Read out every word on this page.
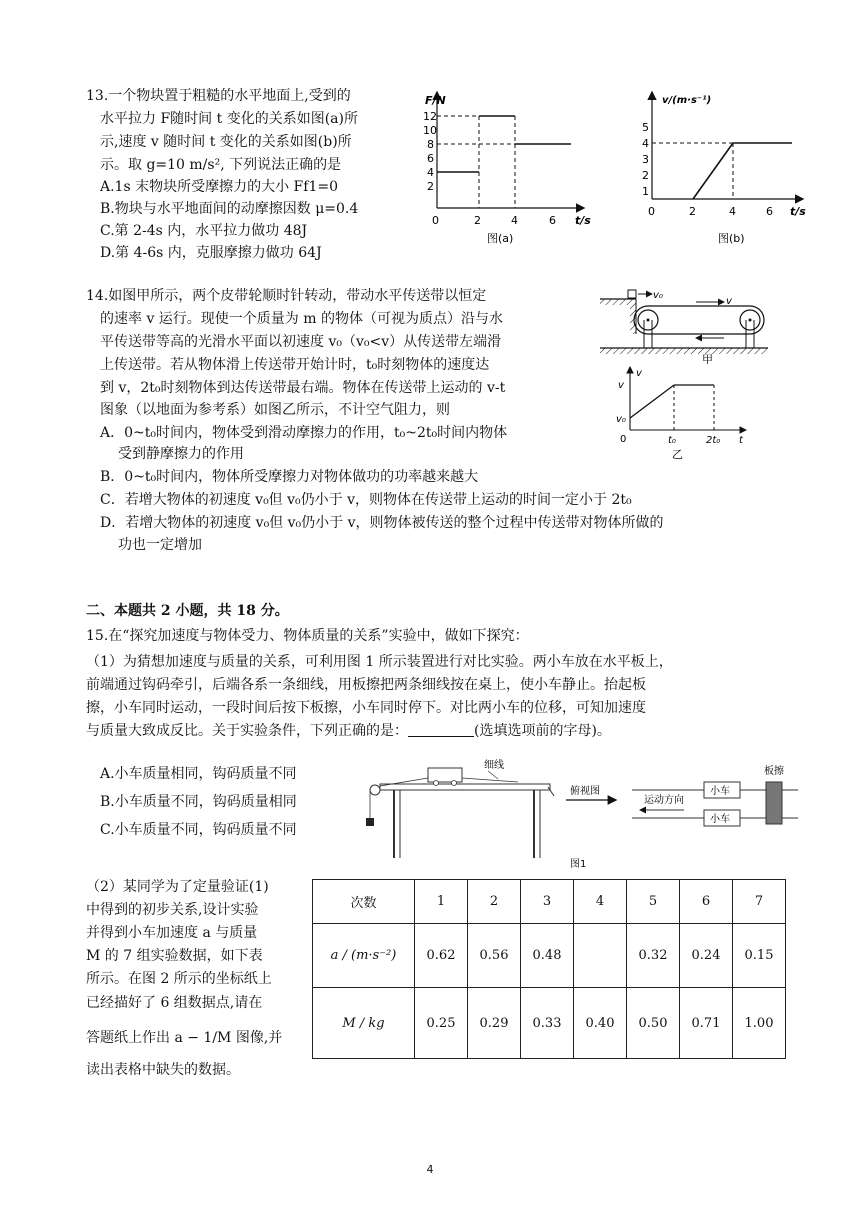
13.一个物块置于粗糙的水平地面上,受到的
水平拉力 F随时间 t 变化的关系如图(a)所
示,速度 v 随时间 t 变化的关系如图(b)所
示。取 g=10 m/s², 下列说法正确的是
A.1s 末物块所受摩擦力的大小 Ff1=0
B.物块与水平地面间的动摩擦因数 μ=0.4
C.第 2-4s 内，水平拉力做功 48J
D.第 4-6s 内，克服摩擦力做功 64J
F/N
t/s
12
10
8
6
4
2
0	2	4	6
图(a)
v/(m·s⁻¹)
t/s
5
4
3
2
1
0	2	4	6
图(b)
14.如图甲所示，两个皮带轮顺时针转动，带动水平传送带以恒定
的速率 v 运行。现使一个质量为 m 的物体（可视为质点）沿与水
平传送带等高的光滑水平面以初速度 v₀（v₀<v）从传送带左端滑
上传送带。若从物体滑上传送带开始计时，t₀时刻物体的速度达
到 v，2t₀时刻物体到达传送带最右端。物体在传送带上运动的 v-t
图象（以地面为参考系）如图乙所示，不计空气阻力，则
A．0~t₀时间内，物体受到滑动摩擦力的作用，t₀~2t₀时间内物体
受到静摩擦力的作用
B．0~t₀时间内，物体所受摩擦力对物体做功的功率越来越大
C．若增大物体的初速度 v₀但 v₀仍小于 v，则物体在传送带上运动的时间一定小于 2t₀
D．若增大物体的初速度 v₀但 v₀仍小于 v，则物体被传送的整个过程中传送带对物体所做的
功也一定增加
v₀
v
甲
v
v
v₀
0	t₀	2t₀ t
乙
二、本题共 2 小题，共 18 分。
15.在“探究加速度与物体受力、物体质量的关系”实验中，做如下探究：
（1）为猜想加速度与质量的关系，可利用图 1 所示装置进行对比实验。两小车放在水平板上，
前端通过钩码牵引，后端各系一条细线，用板擦把两条细线按在桌上，使小车静止。抬起板
擦，小车同时运动，一段时间后按下板擦，小车同时停下。对比两小车的位移，可知加速度
与质量大致成反比。关于实验条件，下列正确的是：	(选填选项前的字母)。
A.小车质量相同，钩码质量不同
B.小车质量不同，钩码质量相同
C.小车质量不同，钩码质量不同
细线
俯视图
运动方向
小车
小车
板擦
图1
（2）某同学为了定量验证(1)
中得到的初步关系,设计实验
并得到小车加速度 a 与质量
M 的 7 组实验数据，如下表
所示。在图 2 所示的坐标纸上
已经描好了 6 组数据点,请在
答题纸上作出 a − 1/M 图像,并
读出表格中缺失的数据。
次数	1	2	3	4	5	6	7
a / (m·s⁻²)	0.62	0.56	0.48		0.32	0.24	0.15
M / kg	0.25	0.29	0.33	0.40	0.50	0.71	1.00
4
